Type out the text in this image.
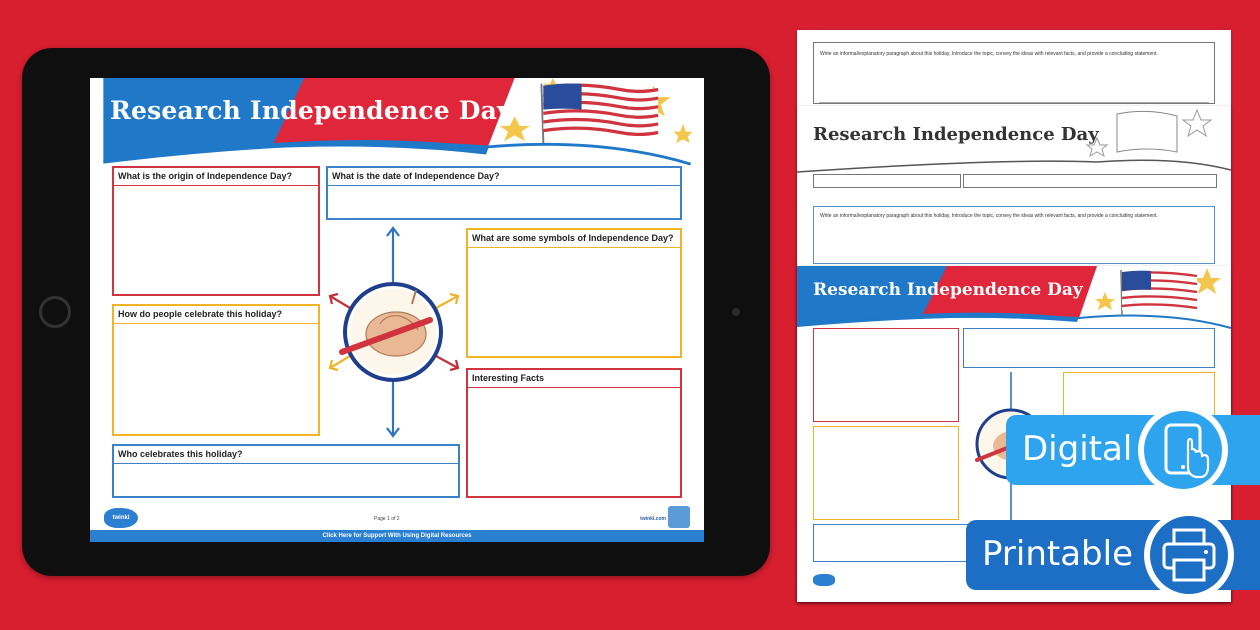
Research Independence Day
What is the origin of Independence Day?	What is the date of Independence Day?
What are some symbols of Independence Day?
How do people celebrate this holiday?
Interesting Facts
Who celebrates this holiday?
twinkl	Page 1 of 2	twinkl.com
Click Here for Support With Using Digital Resources
Write an informal/explanatory paragraph about this holiday. Introduce the topic, convey the ideas with relevant facts, and provide a concluding statement.
Research Independence Day
Write an informal/explanatory paragraph about this holiday. Introduce the topic, convey the ideas with relevant facts, and provide a concluding statement.
Research Independence Day
Digital
Printable
